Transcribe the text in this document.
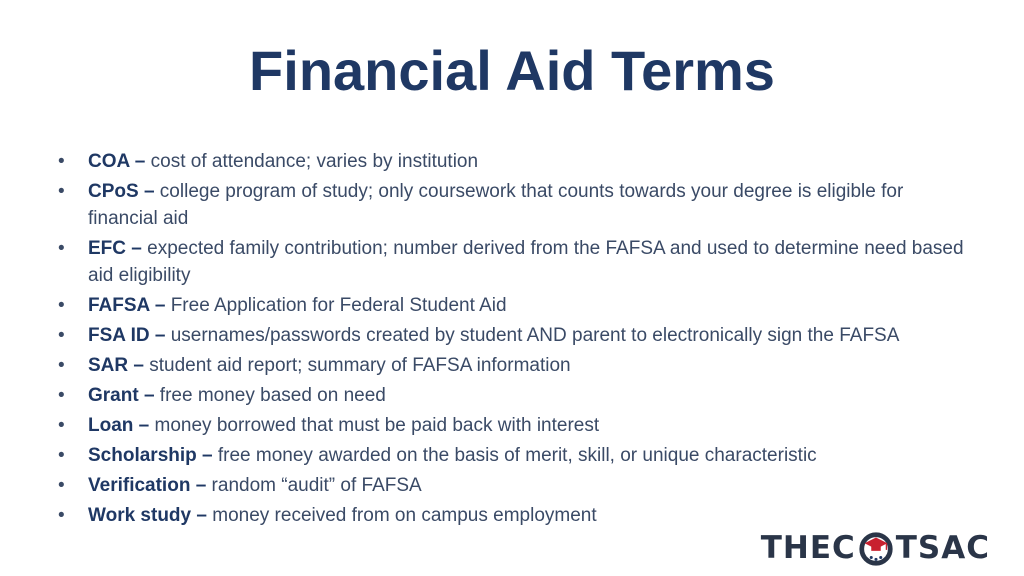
Financial Aid Terms
•	COA – cost of attendance; varies by institution
•	CPoS – college program of study; only coursework that counts towards your degree is eligible for financial aid
•	EFC – expected family contribution; number derived from the FAFSA and used to determine need based aid eligibility
•	FAFSA – Free Application for Federal Student Aid
•	FSA ID – usernames/passwords created by student AND parent to electronically sign the FAFSA
•	SAR – student aid report; summary of FAFSA information
•	Grant – free money based on need
•	Loan – money borrowed that must be paid back with interest
•	Scholarship – free money awarded on the basis of merit, skill, or unique characteristic
•	Verification – random “audit” of FAFSA
•	Work study – money received from on campus employment
THEC TSAC
